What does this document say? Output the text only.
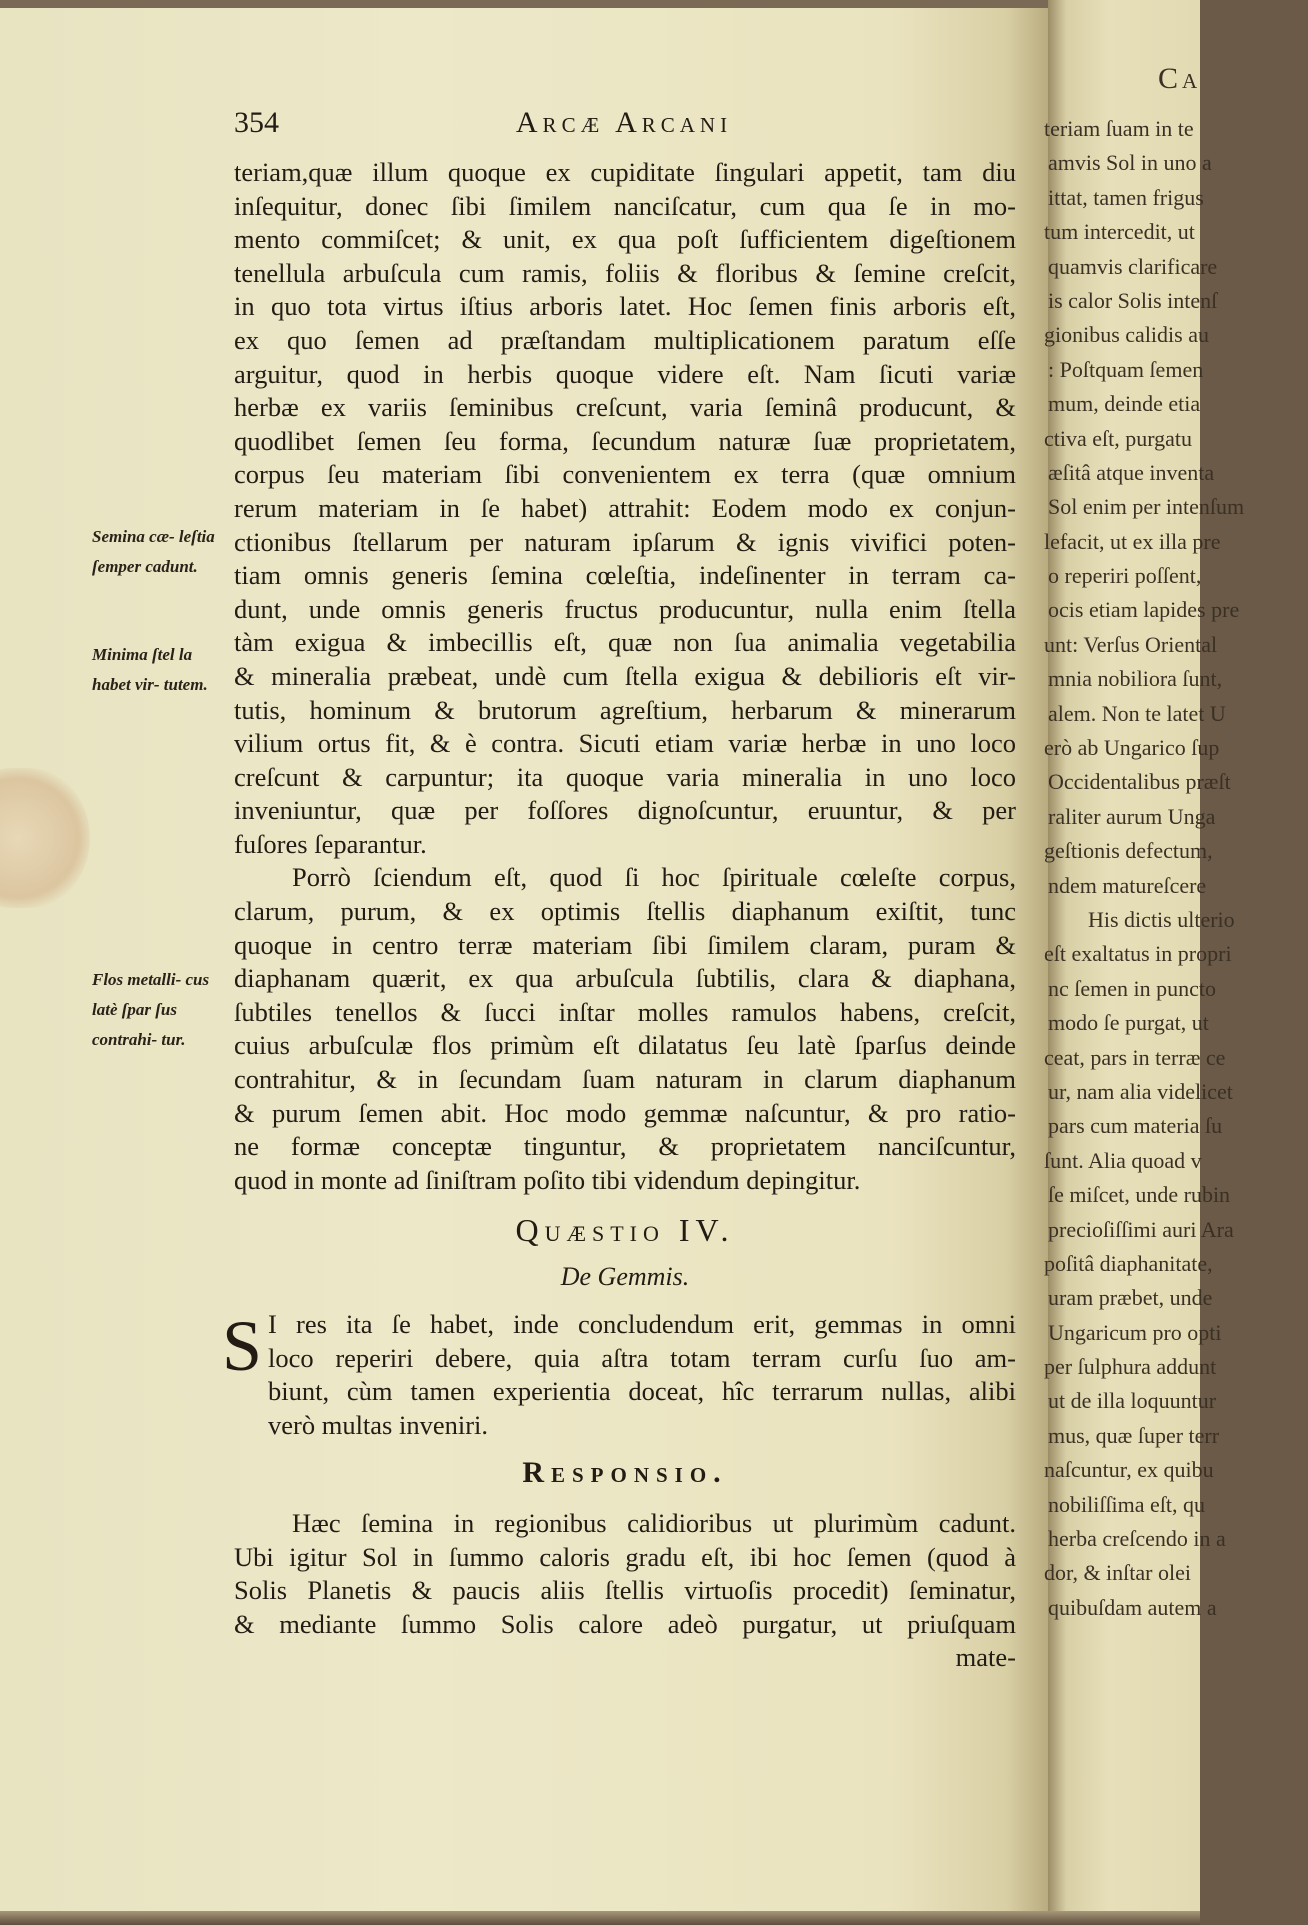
Ca
teriam ſuam in te
amvis Sol in uno a
ittat, tamen frigus
tum intercedit, ut
quamvis clarificare
is calor Solis intenſ
gionibus calidis au
: Poſtquam ſemen
mum, deinde etia
ctiva eſt, purgatu
æſitâ atque inventa
Sol enim per intenſum
lefacit, ut ex illa pre
o reperiri poſſent,
ocis etiam lapides pre
unt: Verſus Oriental
mnia nobiliora ſunt,
alem. Non te latet U
erò ab Ungarico ſup
Occidentalibus præſt
raliter aurum Unga
geſtionis defectum,
ndem matureſcere
His dictis ulterio
eſt exaltatus in propri
nc ſemen in puncto
modo ſe purgat, ut
ceat, pars in terræ ce
ur, nam alia videlicet
pars cum materia ſu
ſunt. Alia quoad v
ſe miſcet, unde rubin
precioſiſſimi auri Ara
poſitâ diaphanitate,
uram præbet, unde
Ungaricum pro opti
per ſulphura addunt
ut de illa loquuntur
mus, quæ ſuper terr
naſcuntur, ex quibu
nobiliſſima eſt, qu
herba creſcendo in a
dor, & inſtar olei
quibuſdam autem a
354	Arcæ Arcani
teriam,quæ illum quoque ex cupiditate ſingulari appetit, tam diu
inſequitur, donec ſibi ſimilem nanciſcatur, cum qua ſe in mo-
mento commiſcet; & unit, ex qua poſt ſufficientem digeſtionem
tenellula arbuſcula cum ramis, foliis & floribus & ſemine creſcit,
in quo tota virtus iſtius arboris latet. Hoc ſemen finis arboris eſt,
ex quo ſemen ad præſtandam multiplicationem paratum eſſe
arguitur, quod in herbis quoque videre eſt. Nam ſicuti variæ
herbæ ex variis ſeminibus creſcunt, varia ſeminâ producunt, &
quodlibet ſemen ſeu forma, ſecundum naturæ ſuæ proprietatem,
corpus ſeu materiam ſibi convenientem ex terra (quæ omnium
rerum materiam in ſe habet) attrahit: Eodem modo ex conjun-
ctionibus ſtellarum per naturam ipſarum & ignis vivifici poten-
tiam omnis generis ſemina cœleſtia, indeſinenter in terram ca-
dunt, unde omnis generis fructus producuntur, nulla enim ſtella
tàm exigua & imbecillis eſt, quæ non ſua animalia vegetabilia
& mineralia præbeat, undè cum ſtella exigua & debilioris eſt vir-
tutis, hominum & brutorum agreſtium, herbarum & minerarum
vilium ortus fit, & è contra. Sicuti etiam variæ herbæ in uno loco
creſcunt & carpuntur; ita quoque varia mineralia in uno loco
inveniuntur, quæ per foſſores dignoſcuntur, eruuntur, & per
fuſores ſeparantur.
Porrò ſciendum eſt, quod ſi hoc ſpirituale cœleſte corpus,
clarum, purum, & ex optimis ſtellis diaphanum exiſtit, tunc
quoque in centro terræ materiam ſibi ſimilem claram, puram &
diaphanam quærit, ex qua arbuſcula ſubtilis, clara & diaphana,
ſubtiles tenellos & ſucci inſtar molles ramulos habens, creſcit,
cuius arbuſculæ flos primùm eſt dilatatus ſeu latè ſparſus deinde
contrahitur, & in ſecundam ſuam naturam in clarum diaphanum
& purum ſemen abit. Hoc modo gemmæ naſcuntur, & pro ratio-
ne formæ conceptæ tinguntur, & proprietatem nanciſcuntur,
quod in monte ad ſiniſtram poſito tibi videndum depingitur.
Semina cæ- leſtia ſemper cadunt.
Minima ſtel la habet vir- tutem.
Flos metalli- cus latè ſpar ſus contrahi- tur.
Quæstio IV.
De Gemmis.
S I res ita ſe habet, inde concludendum erit, gemmas in omni
loco reperiri debere, quia aſtra totam terram curſu ſuo am-
biunt, cùm tamen experientia doceat, hîc terrarum nullas, alibi
verò multas inveniri.
Responsio.
Hæc ſemina in regionibus calidioribus ut plurimùm cadunt.
Ubi igitur Sol in ſummo caloris gradu eſt, ibi hoc ſemen (quod à
Solis Planetis & paucis aliis ſtellis virtuoſis procedit) ſeminatur,
& mediante ſummo Solis calore adeò purgatur, ut priuſquam
mate-
